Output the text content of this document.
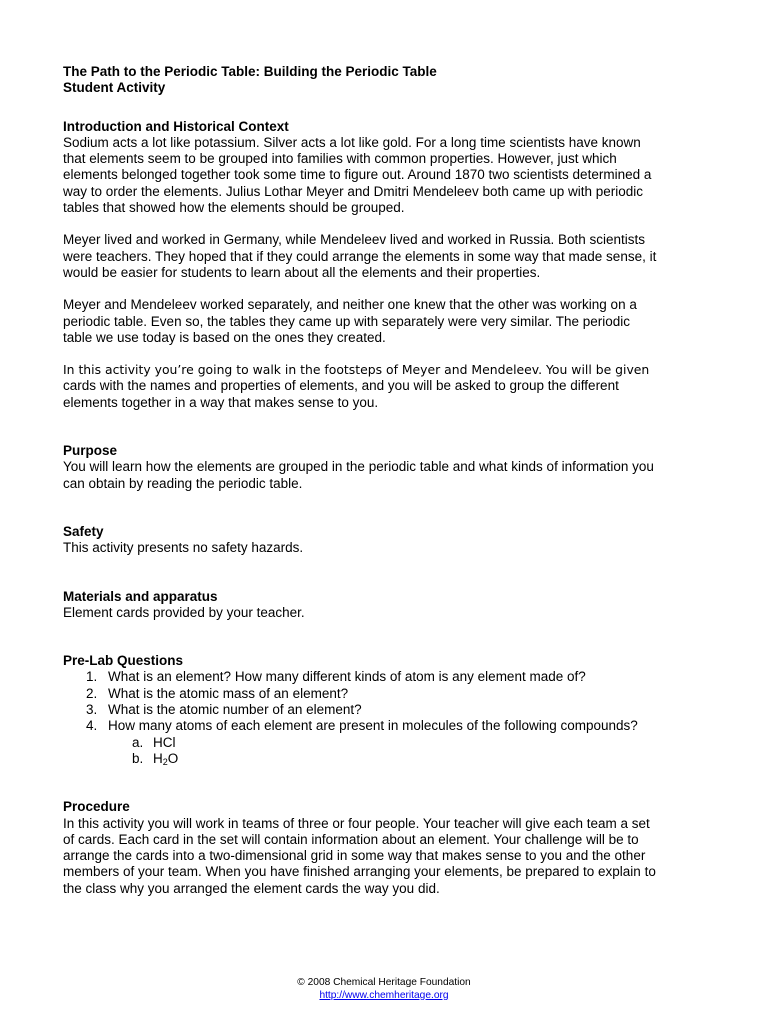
The Path to the Periodic Table: Building the Periodic Table

Student Activity

Introduction and Historical Context

Sodium acts a lot like potassium. Silver acts a lot like gold. For a long time scientists have known that elements seem to be grouped into families with common properties. However, just which elements belonged together took some time to figure out. Around 1870 two scientists determined a way to order the elements. Julius Lothar Meyer and Dmitri Mendeleev both came up with periodic tables that showed how the elements should be grouped.

Meyer lived and worked in Germany, while Mendeleev lived and worked in Russia. Both scientists were teachers. They hoped that if they could arrange the elements in some way that made sense, it would be easier for students to learn about all the elements and their properties.

Meyer and Mendeleev worked separately, and neither one knew that the other was working on a periodic table. Even so, the tables they came up with separately were very similar. The periodic table we use today is based on the ones they created.

In this activity you’re going to walk in the footsteps of Meyer and Mendeleev. You will be given cards with the names and properties of elements, and you will be asked to group the different elements together in a way that makes sense to you.

Purpose

You will learn how the elements are grouped in the periodic table and what kinds of information you can obtain by reading the periodic table.

Safety

This activity presents no safety hazards.

Materials and apparatus

Element cards provided by your teacher.

Pre-Lab Questions

1. What is an element? How many different kinds of atom is any element made of?
2. What is the atomic mass of an element?
3. What is the atomic number of an element?
4. How many atoms of each element are present in molecules of the following compounds?
a. HCl
b. $H_2O$

Procedure

In this activity you will work in teams of three or four people. Your teacher will give each team a set of cards. Each card in the set will contain information about an element. Your challenge will be to arrange the cards into a two-dimensional grid in some way that makes sense to you and the other members of your team. When you have finished arranging your elements, be prepared to explain to the class why you arranged the element cards the way you did.

© 2008 Chemical Heritage Foundation
http://www.chemheritage.org
